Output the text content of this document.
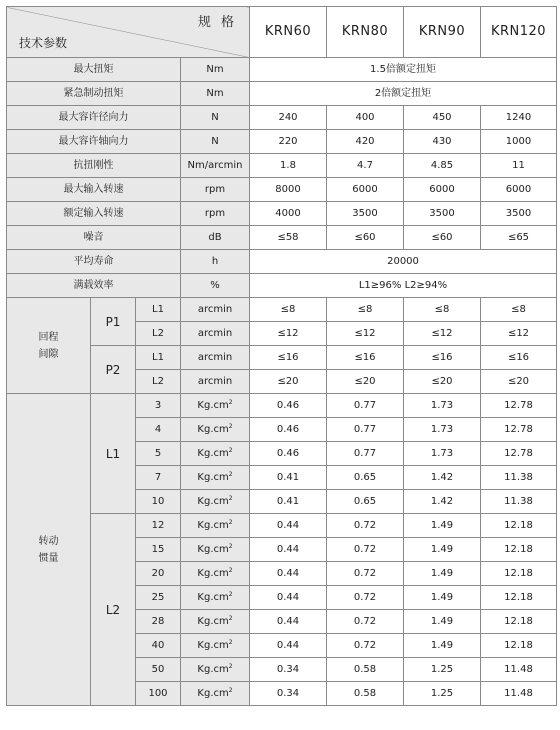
规 格
技术参数				KRN60	KRN80	KRN90	KRN120
最大扭矩			Nm	1.5倍额定扭矩			
紧急制动扭矩			Nm	2倍额定扭矩			
最大容许径向力			N	240	400	450	1240
最大容许轴向力			N	220	420	430	1000
抗扭刚性			Nm/arcmin	1.8	4.7	4.85	11
最大输入转速			rpm	8000	6000	6000	6000
额定输入转速			rpm	4000	3500	3500	3500
噪音			dB	≤58	≤60	≤60	≤65
平均寿命			h	20000			
满载效率			%	L1≥96% L2≥94%			

回程
间隙	P1	L1	arcmin	≤8	≤8	≤8	≤8
		L2	arcmin	≤12	≤12	≤12	≤12
	P2	L1	arcmin	≤16	≤16	≤16	≤16
		L2	arcmin	≤20	≤20	≤20	≤20

转动
惯量	L1	3	$Kg.cm^2$	0.46	0.77	1.73	12.78
		4	$Kg.cm^2$	0.46	0.77	1.73	12.78
		5	$Kg.cm^2$	0.46	0.77	1.73	12.78
		7	$Kg.cm^2$	0.41	0.65	1.42	11.38
		10	$Kg.cm^2$	0.41	0.65	1.42	11.38
	L2	12	$Kg.cm^2$	0.44	0.72	1.49	12.18
		15	$Kg.cm^2$	0.44	0.72	1.49	12.18
		20	$Kg.cm^2$	0.44	0.72	1.49	12.18
		25	$Kg.cm^2$	0.44	0.72	1.49	12.18
		28	$Kg.cm^2$	0.44	0.72	1.49	12.18
		40	$Kg.cm^2$	0.44	0.72	1.49	12.18
		50	$Kg.cm^2$	0.34	0.58	1.25	11.48
		100	$Kg.cm^2$	0.34	0.58	1.25	11.48
